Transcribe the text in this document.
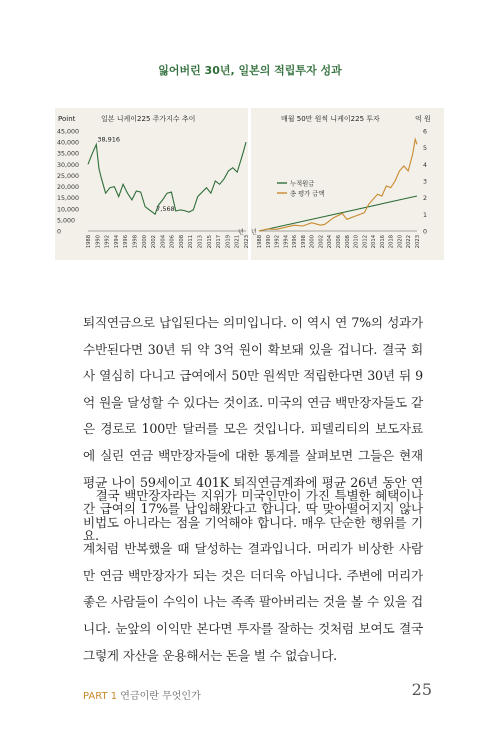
잃어버린 30년, 일본의 적립투자 성과
일본 니케이225 주가지수 추이
Point
45,000
40,000
35,000
30,000
25,000
20,000
15,000
10,000
5,000
0	년
1988 1990 1992 1994 1996 1998 2000 2002 2004 2006 2008 2011 2013 2015 2017 2019 2021 2023
38,916
7,568
매월 50만 원씩 니케이225 투자	억 원
6
5
4
3
2
1
0
년
1988 1990 1992 1994 1996 1998 2000 2002 2004 2006 2008 2010 2012 2014 2016 2018 2020 2022 2023
누적원금
총 평가 금액

퇴직연금으로 납입된다는 의미입니다. 이 역시 연 7%의 성과가 수반된다면 30년 뒤 약 3억 원이 확보돼 있을 겁니다. 결국 회사 열심히 다니고 급여에서 50만 원씩만 적립한다면 30년 뒤 9억 원을 달성할 수 있다는 것이죠. 미국의 연금 백만장자들도 같은 경로로 100만 달러를 모은 것입니다. 피델리티의 보도자료에 실린 연금 백만장자들에 대한 통계를 살펴보면 그들은 현재 평균 나이 59세이고 401K 퇴직연금계좌에 평균 26년 동안 연간 급여의 17%를 납입해왔다고 합니다. 딱 맞아떨어지지 않나요.

결국 백만장자라는 지위가 미국인만이 가진 특별한 혜택이나 비법도 아니라는 점을 기억해야 합니다. 매우 단순한 행위를 기계처럼 반복했을 때 달성하는 결과입니다. 머리가 비상한 사람만 연금 백만장자가 되는 것은 더더욱 아닙니다. 주변에 머리가 좋은 사람들이 수익이 나는 족족 팔아버리는 것을 볼 수 있을 겁니다. 눈앞의 이익만 본다면 투자를 잘하는 것처럼 보여도 결국 그렇게 자산을 운용해서는 돈을 벌 수 없습니다.

PART 1 연금이란 무엇인가	25
